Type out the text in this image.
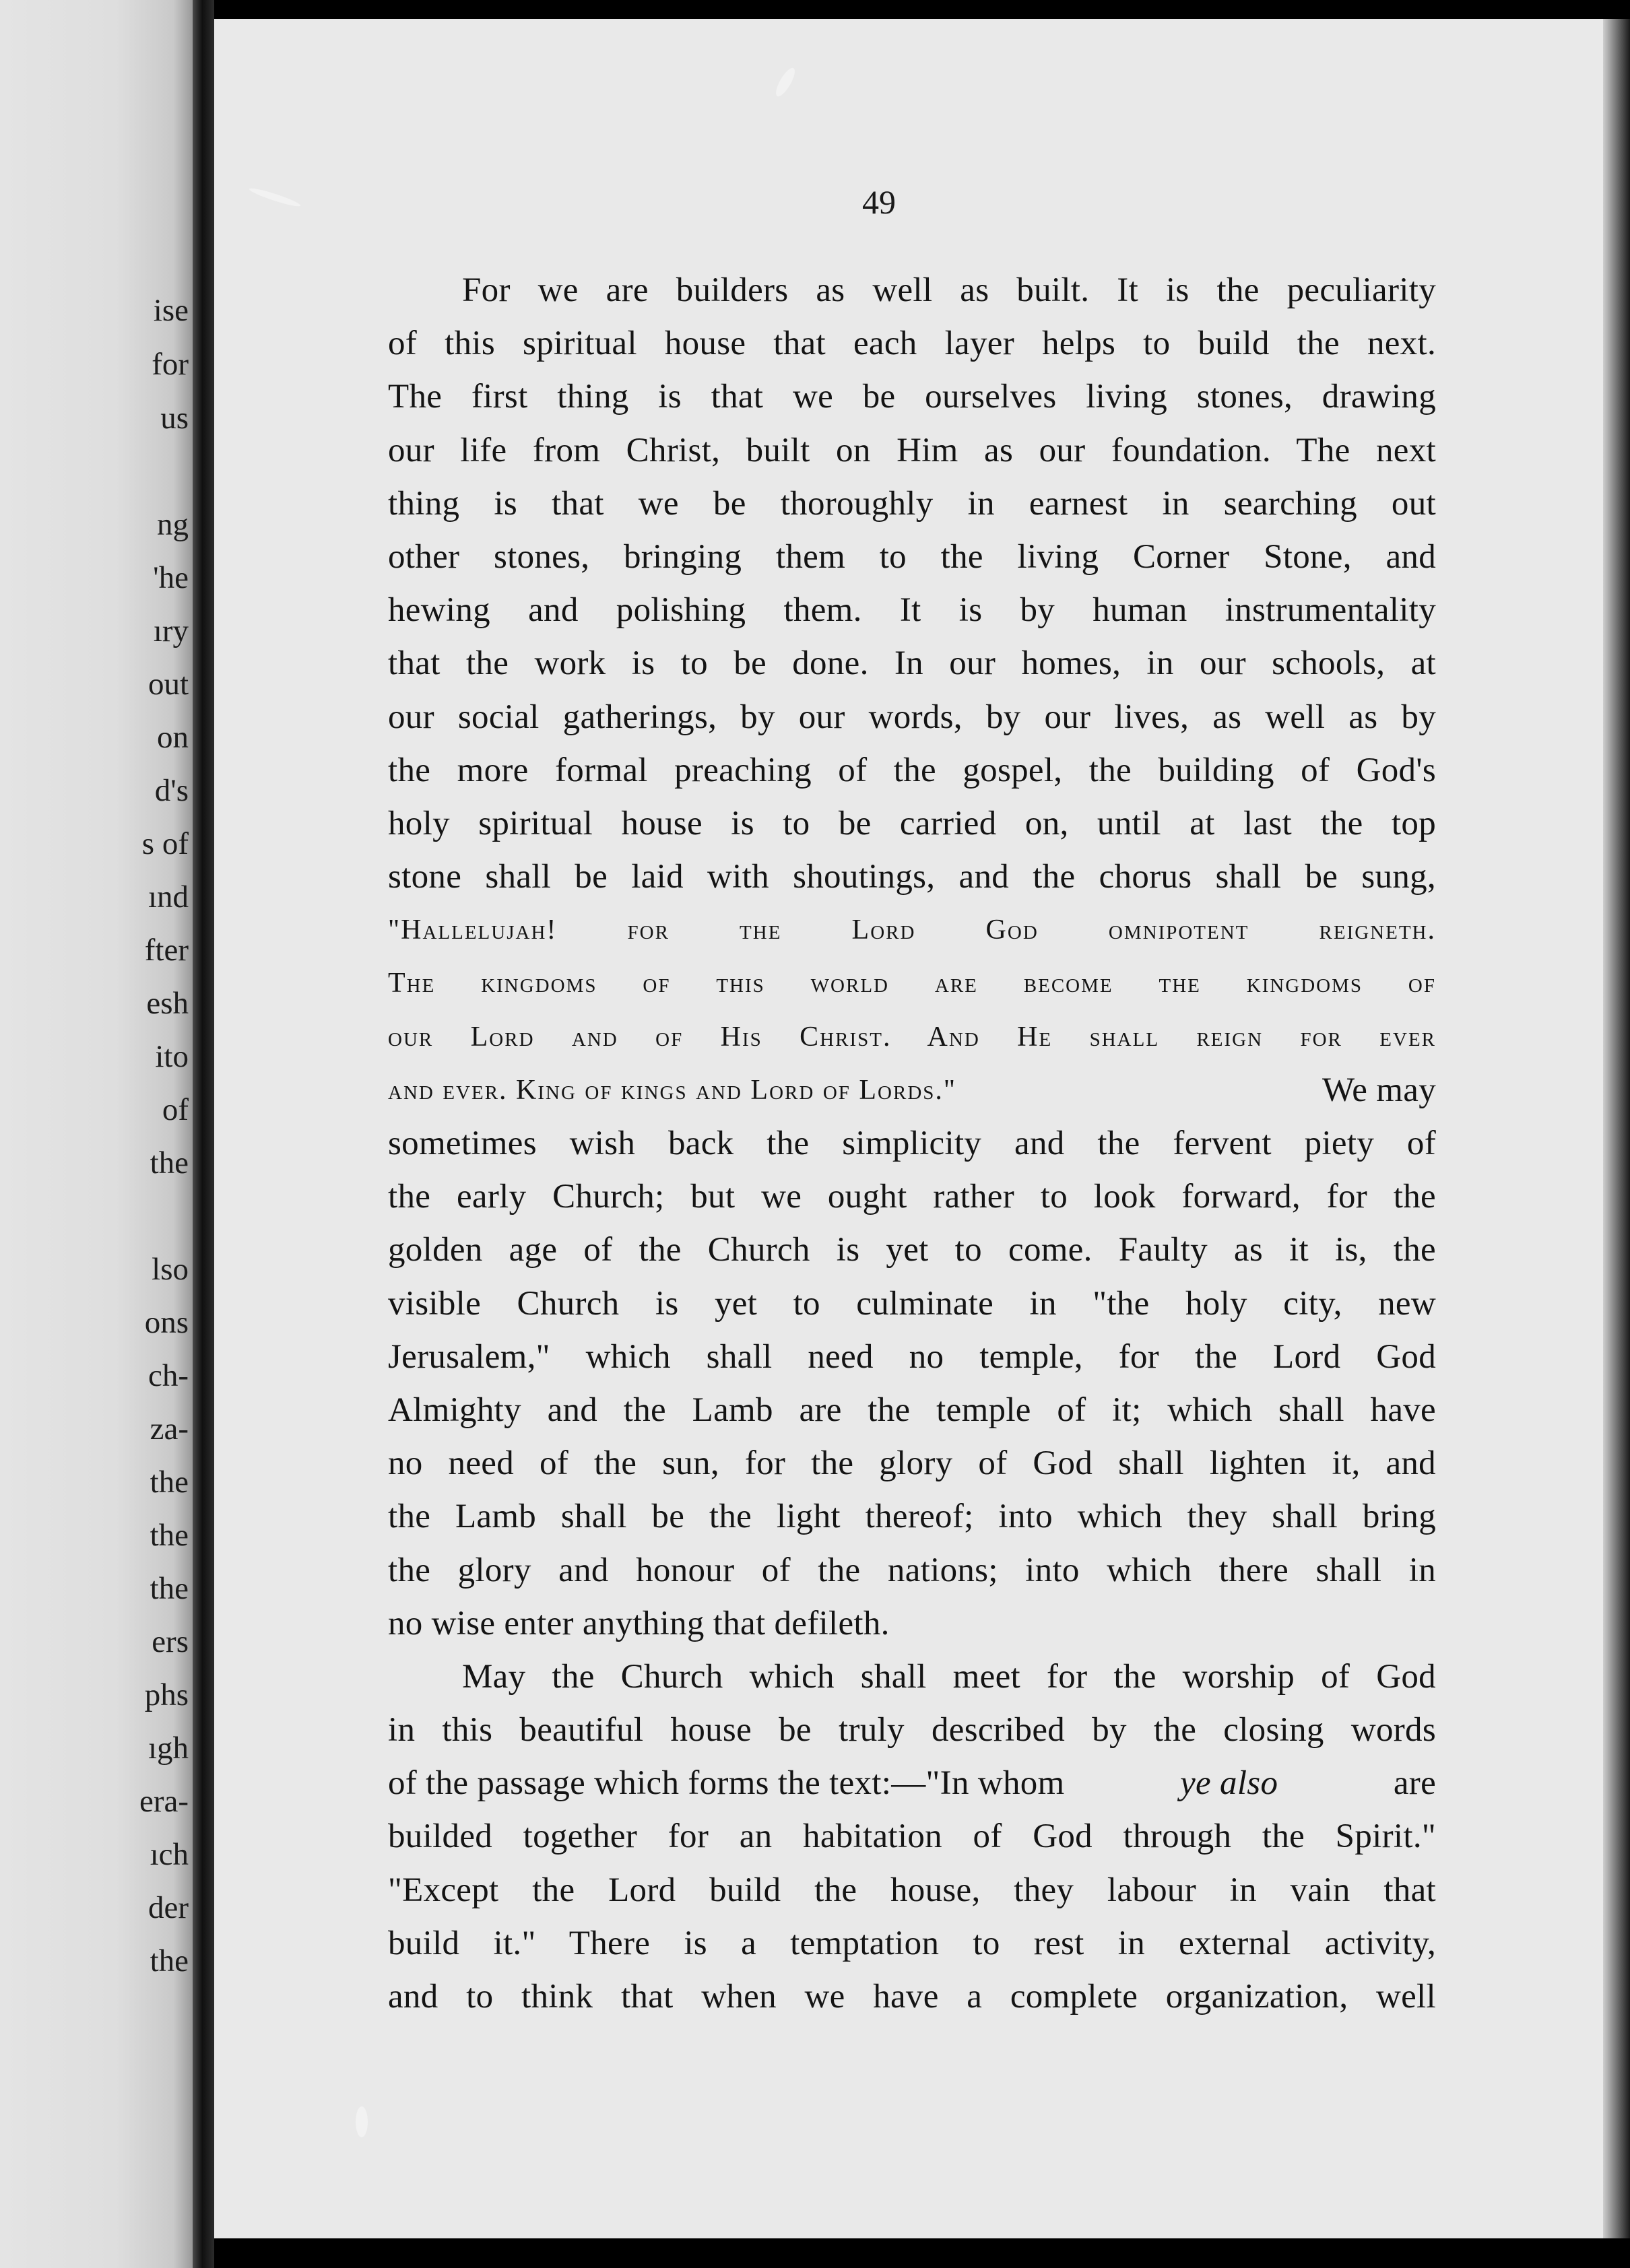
ise
for
us
ng
'he
ıry
out
on
d's
s of
ınd
fter
esh
ito
of
the
lso
ons
ch-
za-
the
the
the
ers
phs
ıgh
era-
ıch
der
the
49
For we are builders as well as built. It is the peculiarity
of this spiritual house that each layer helps to build the next.
The first thing is that we be ourselves living stones, drawing
our life from Christ, built on Him as our foundation. The next
thing is that we be thoroughly in earnest in searching out
other stones, bringing them to the living Corner Stone, and
hewing and polishing them. It is by human instrumentality
that the work is to be done. In our homes, in our schools, at
our social gatherings, by our words, by our lives, as well as by
the more formal preaching of the gospel, the building of God's
holy spiritual house is to be carried on, until at last the top
stone shall be laid with shoutings, and the chorus shall be sung,
"Hallelujah! for the Lord God omnipotent reigneth.
The kingdoms of this world are become the kingdoms of
our Lord and of His Christ. And He shall reign for ever
and ever. King of kings and Lord of Lords."	We may
sometimes wish back the simplicity and the fervent piety of
the early Church; but we ought rather to look forward, for the
golden age of the Church is yet to come. Faulty as it is, the
visible Church is yet to culminate in "the holy city, new
Jerusalem," which shall need no temple, for the Lord God
Almighty and the Lamb are the temple of it; which shall have
no need of the sun, for the glory of God shall lighten it, and
the Lamb shall be the light thereof; into which they shall bring
the glory and honour of the nations; into which there shall in
no wise enter anything that defileth.
May the Church which shall meet for the worship of God
in this beautiful house be truly described by the closing words
of the passage which forms the text:—"In whom	ye also	are
builded together for an habitation of God through the Spirit."
"Except the Lord build the house, they labour in vain that
build it." There is a temptation to rest in external activity,
and to think that when we have a complete organization, well
